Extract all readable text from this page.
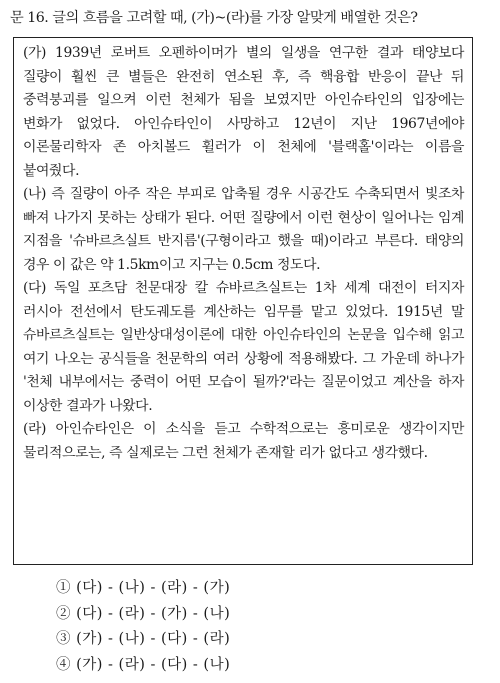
문 16. 글의 흐름을 고려할 때, (가)~(라)를 가장 알맞게 배열한 것은?

(가) 1939년 로버트 오펜하이머가 별의 일생을 연구한 결과 태양보다 질량이 훨씬 큰 별들은 완전히 연소된 후, 즉 핵융합 반응이 끝난 뒤 중력붕괴를 일으켜 이런 천체가 됨을 보였지만 아인슈타인의 입장에는 변화가 없었다. 아인슈타인이 사망하고 12년이 지난 1967년에야 이론물리학자 존 아치볼드 휠러가 이 천체에 '블랙홀'이라는 이름을 붙여줬다.

(나) 즉 질량이 아주 작은 부피로 압축될 경우 시공간도 수축되면서 빛조차 빠져 나가지 못하는 상태가 된다. 어떤 질량에서 이런 현상이 일어나는 임계 지점을 '슈바르츠실트 반지름'(구형이라고 했을 때)이라고 부른다. 태양의 경우 이 값은 약 1.5km이고 지구는 0.5cm 정도다.

(다) 독일 포츠담 천문대장 칼 슈바르츠실트는 1차 세계 대전이 터지자 러시아 전선에서 탄도궤도를 계산하는 임무를 맡고 있었다. 1915년 말 슈바르츠실트는 일반상대성이론에 대한 아인슈타인의 논문을 입수해 읽고 여기 나오는 공식들을 천문학의 여러 상황에 적용해봤다. 그 가운데 하나가 '천체 내부에서는 중력이 어떤 모습이 될까?'라는 질문이었고 계산을 하자 이상한 결과가 나왔다.

(라) 아인슈타인은 이 소식을 듣고 수학적으로는 흥미로운 생각이지만 물리적으로는, 즉 실제로는 그런 천체가 존재할 리가 없다고 생각했다.

① (다) - (나) - (라) - (가)
② (다) - (라) - (가) - (나)
③ (가) - (나) - (다) - (라)
④ (가) - (라) - (다) - (나)
